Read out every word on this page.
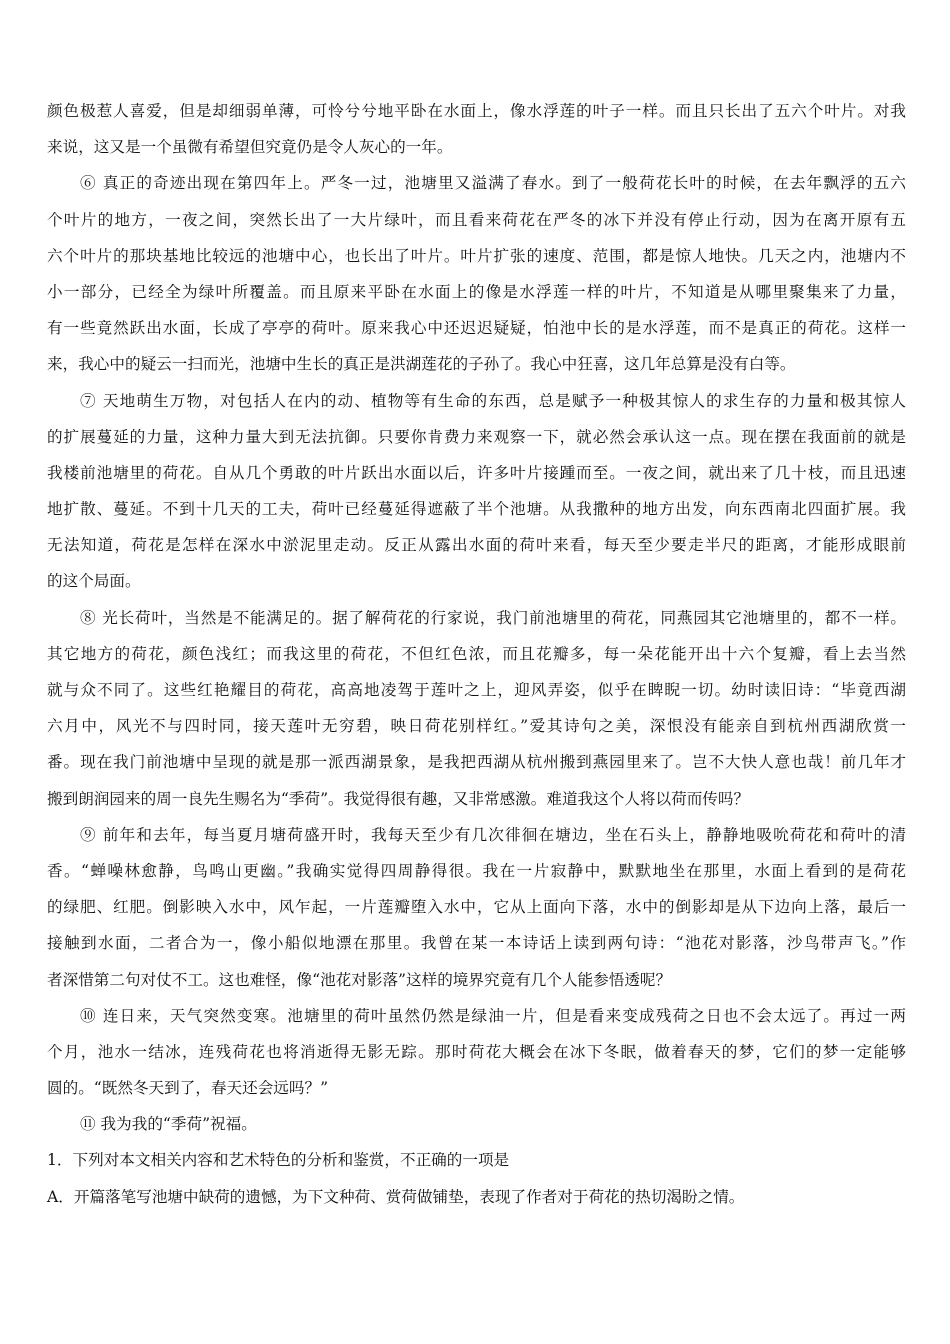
颜色极惹人喜爱，但是却细弱单薄，可怜兮兮地平卧在水面上，像水浮莲的叶子一样。而且只长出了五六个叶片。对我
来说，这又是一个虽微有希望但究竟仍是令人灰心的一年。
⑥ 真正的奇迹出现在第四年上。严冬一过，池塘里又溢满了春水。到了一般荷花长叶的时候，在去年飘浮的五六
个叶片的地方，一夜之间，突然长出了一大片绿叶，而且看来荷花在严冬的冰下并没有停止行动，因为在离开原有五
六个叶片的那块基地比较远的池塘中心，也长出了叶片。叶片扩张的速度、范围，都是惊人地快。几天之内，池塘内不
小一部分，已经全为绿叶所覆盖。而且原来平卧在水面上的像是水浮莲一样的叶片，不知道是从哪里聚集来了力量，
有一些竟然跃出水面，长成了亭亭的荷叶。原来我心中还迟迟疑疑，怕池中长的是水浮莲，而不是真正的荷花。这样一
来，我心中的疑云一扫而光，池塘中生长的真正是洪湖莲花的子孙了。我心中狂喜，这几年总算是没有白等。
⑦ 天地萌生万物，对包括人在内的动、植物等有生命的东西，总是赋予一种极其惊人的求生存的力量和极其惊人
的扩展蔓延的力量，这种力量大到无法抗御。只要你肯费力来观察一下，就必然会承认这一点。现在摆在我面前的就是
我楼前池塘里的荷花。自从几个勇敢的叶片跃出水面以后，许多叶片接踵而至。一夜之间，就出来了几十枝，而且迅速
地扩散、蔓延。不到十几天的工夫，荷叶已经蔓延得遮蔽了半个池塘。从我撒种的地方出发，向东西南北四面扩展。我
无法知道，荷花是怎样在深水中淤泥里走动。反正从露出水面的荷叶来看，每天至少要走半尺的距离，才能形成眼前
的这个局面。
⑧ 光长荷叶，当然是不能满足的。据了解荷花的行家说，我门前池塘里的荷花，同燕园其它池塘里的，都不一样。
其它地方的荷花，颜色浅红；而我这里的荷花，不但红色浓，而且花瓣多，每一朵花能开出十六个复瓣，看上去当然
就与众不同了。这些红艳耀目的荷花，高高地凌驾于莲叶之上，迎风弄姿，似乎在睥睨一切。幼时读旧诗：“毕竟西湖
六月中，风光不与四时同，接天莲叶无穷碧，映日荷花别样红。”爱其诗句之美，深恨没有能亲自到杭州西湖欣赏一
番。现在我门前池塘中呈现的就是那一派西湖景象，是我把西湖从杭州搬到燕园里来了。岂不大快人意也哉！前几年才
搬到朗润园来的周一良先生赐名为“季荷”。我觉得很有趣，又非常感激。难道我这个人将以荷而传吗？
⑨ 前年和去年，每当夏月塘荷盛开时，我每天至少有几次徘徊在塘边，坐在石头上，静静地吸吮荷花和荷叶的清
香。“蝉噪林愈静，鸟鸣山更幽。”我确实觉得四周静得很。我在一片寂静中，默默地坐在那里，水面上看到的是荷花
的绿肥、红肥。倒影映入水中，风乍起，一片莲瓣堕入水中，它从上面向下落，水中的倒影却是从下边向上落，最后一
接触到水面，二者合为一，像小船似地漂在那里。我曾在某一本诗话上读到两句诗：“池花对影落，沙鸟带声飞。”作
者深惜第二句对仗不工。这也难怪，像“池花对影落”这样的境界究竟有几个人能参悟透呢？
⑩ 连日来，天气突然变寒。池塘里的荷叶虽然仍然是绿油一片，但是看来变成残荷之日也不会太远了。再过一两
个月，池水一结冰，连残荷花也将消逝得无影无踪。那时荷花大概会在冰下冬眠，做着春天的梦，它们的梦一定能够
圆的。“既然冬天到了，春天还会远吗？”
⑪ 我为我的“季荷”祝福。
1．下列对本文相关内容和艺术特色的分析和鉴赏，不正确的一项是
A．开篇落笔写池塘中缺荷的遗憾，为下文种荷、赏荷做铺垫，表现了作者对于荷花的热切渴盼之情。
